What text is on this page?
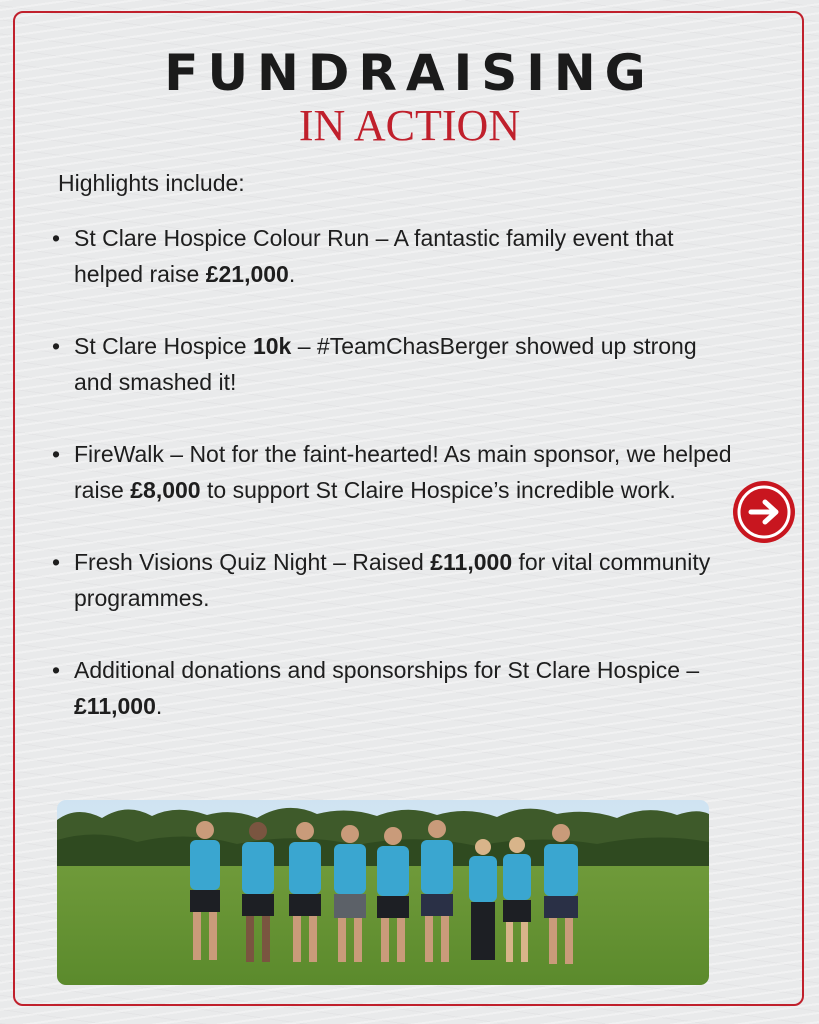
FUNDRAISING
IN ACTION
Highlights include:
• St Clare Hospice Colour Run – A fantastic family event that helped raise £21,000.
• St Clare Hospice 10k – #TeamChasBerger showed up strong and smashed it!
• FireWalk – Not for the faint-hearted! As main sponsor, we helped raise £8,000 to support St Claire Hospice’s incredible work.
• Fresh Visions Quiz Night – Raised £11,000 for vital community programmes.
• Additional donations and sponsorships for St Clare Hospice – £11,000.
